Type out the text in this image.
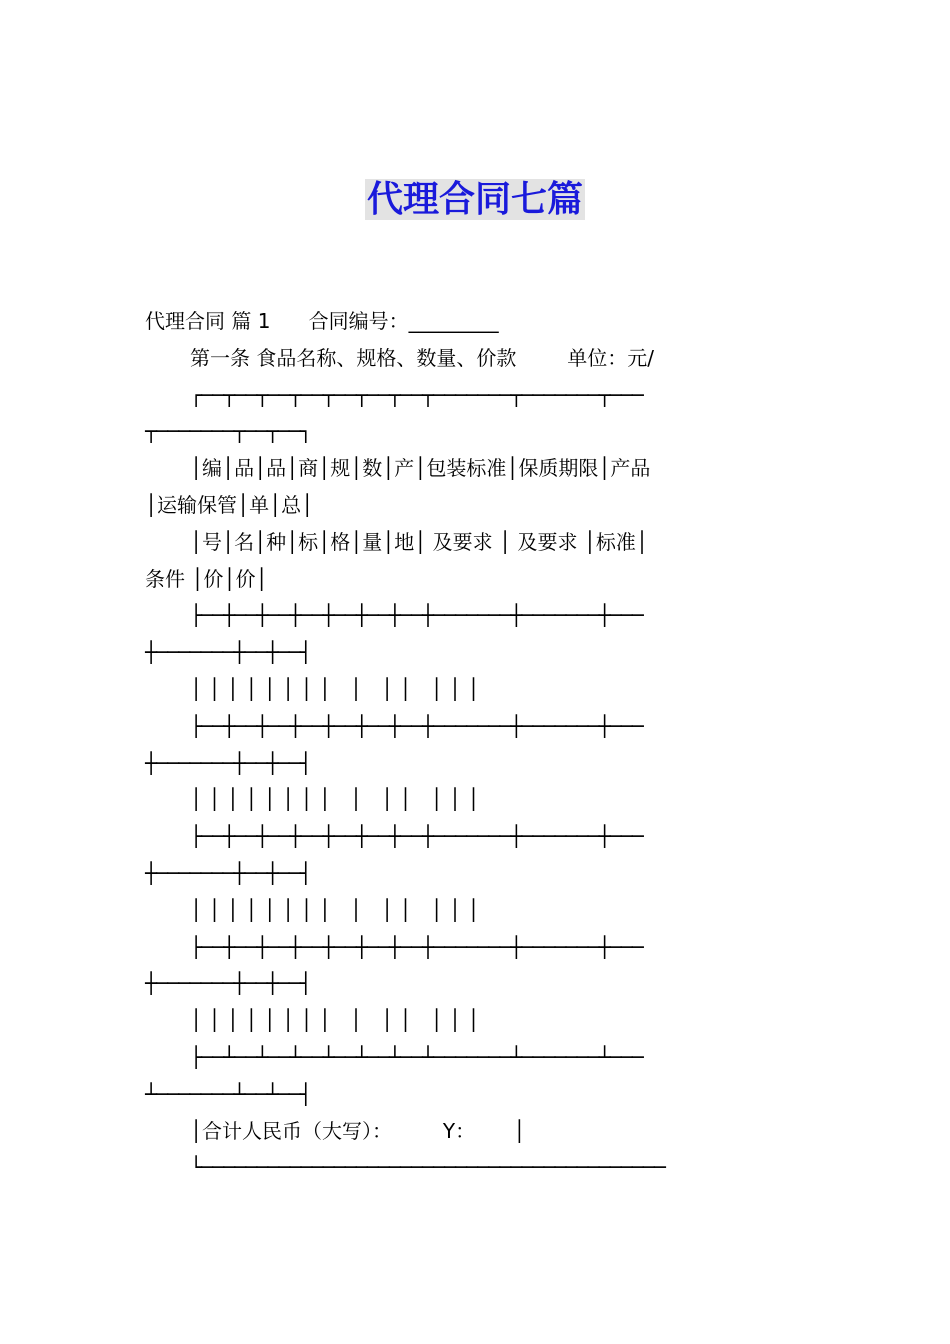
代理合同七篇
代理合同 篇 1      合同编号：_________
第一条 食品名称、规格、数量、价款        单位：元/
┌──┬──┬──┬──┬──┬──┬──┬───────┬───────┬───
┬───────┬──┬──┐
│编│品│品│商│规│数│产│包装标准│保质期限│产品
│运输保管│单│总│
│号│名│种│标│格│量│地│ 及要求 │ 及要求 │标准│
条件 │价│价│
├──┼──┼──┼──┼──┼──┼──┼───────┼───────┼───
┼───────┼──┼──┤
│ │ │ │ │ │ │ │   │   │ │   │ │ │
├──┼──┼──┼──┼──┼──┼──┼───────┼───────┼───
┼───────┼──┼──┤
│ │ │ │ │ │ │ │   │   │ │   │ │ │
├──┼──┼──┼──┼──┼──┼──┼───────┼───────┼───
┼───────┼──┼──┤
│ │ │ │ │ │ │ │   │   │ │   │ │ │
├──┼──┼──┼──┼──┼──┼──┼───────┼───────┼───
┼───────┼──┼──┤
│ │ │ │ │ │ │ │   │   │ │   │ │ │
├──┴──┴──┴──┴──┴──┴──┴───────┴───────┴───
┴───────┴──┴──┤
│合计人民币（大写）：        Y：      │
└──────────────────────────────────────────
